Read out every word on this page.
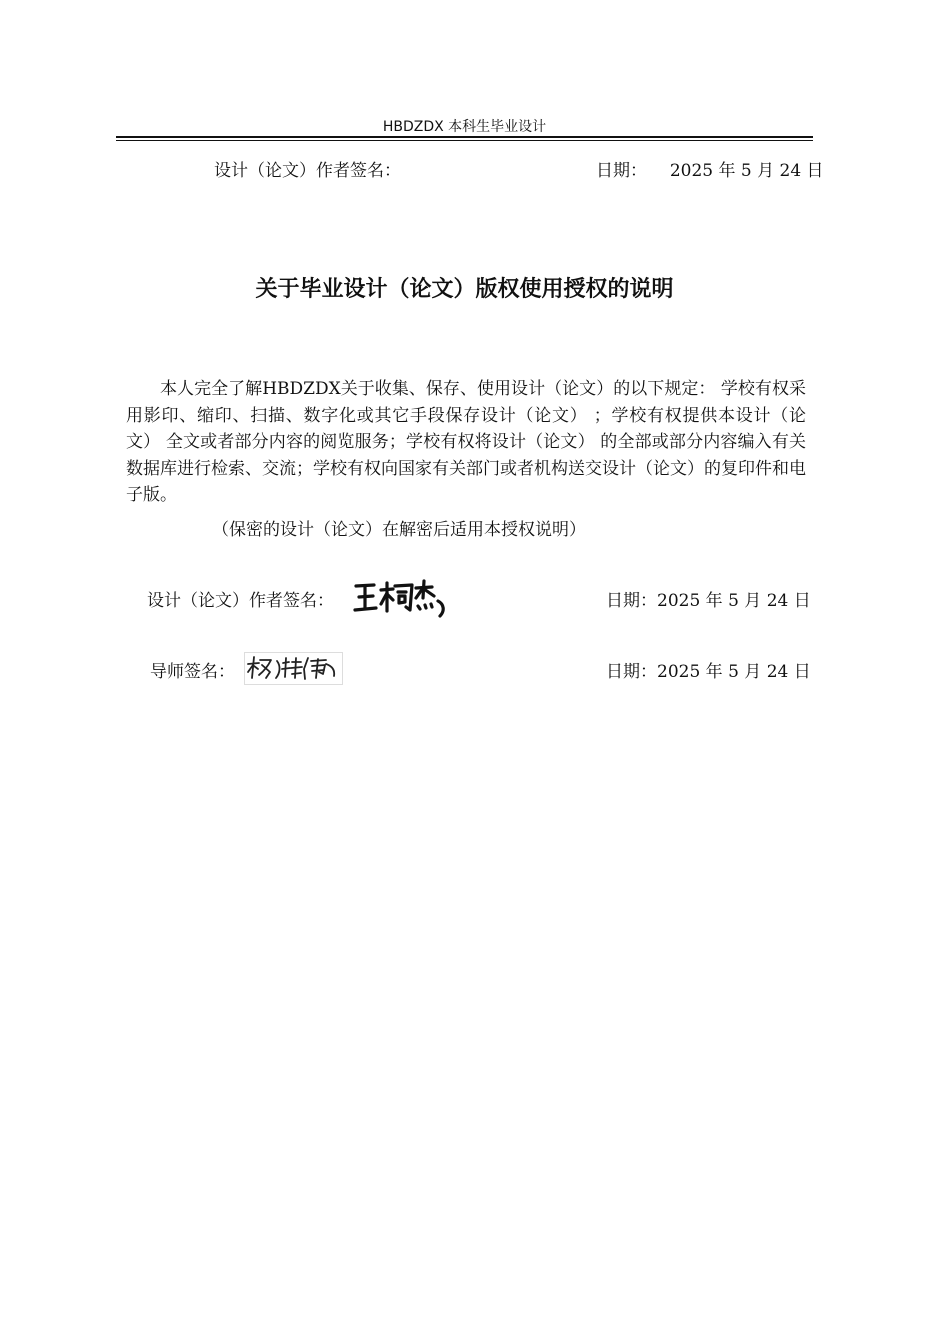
HBDZDX 本科生毕业设计
设计（论文）作者签名：	日期： 2025 年 5 月 24 日
关于毕业设计（论文）版权使用授权的说明
本人完全了解HBDZDX关于收集、保存、使用设计（论文）的以下规定： 学校有权采用影印、缩印、扫描、数字化或其它手段保存设计（论文） ；学校有权提供本设计（论文） 全文或者部分内容的阅览服务；学校有权将设计（论文） 的全部或部分内容编入有关数据库进行检索、交流；学校有权向国家有关部门或者机构送交设计（论文）的复印件和电子版。
（保密的设计（论文）在解密后适用本授权说明）
设计（论文）作者签名：	日期：2025 年 5 月 24 日
导师签名：	日期：2025 年 5 月 24 日
